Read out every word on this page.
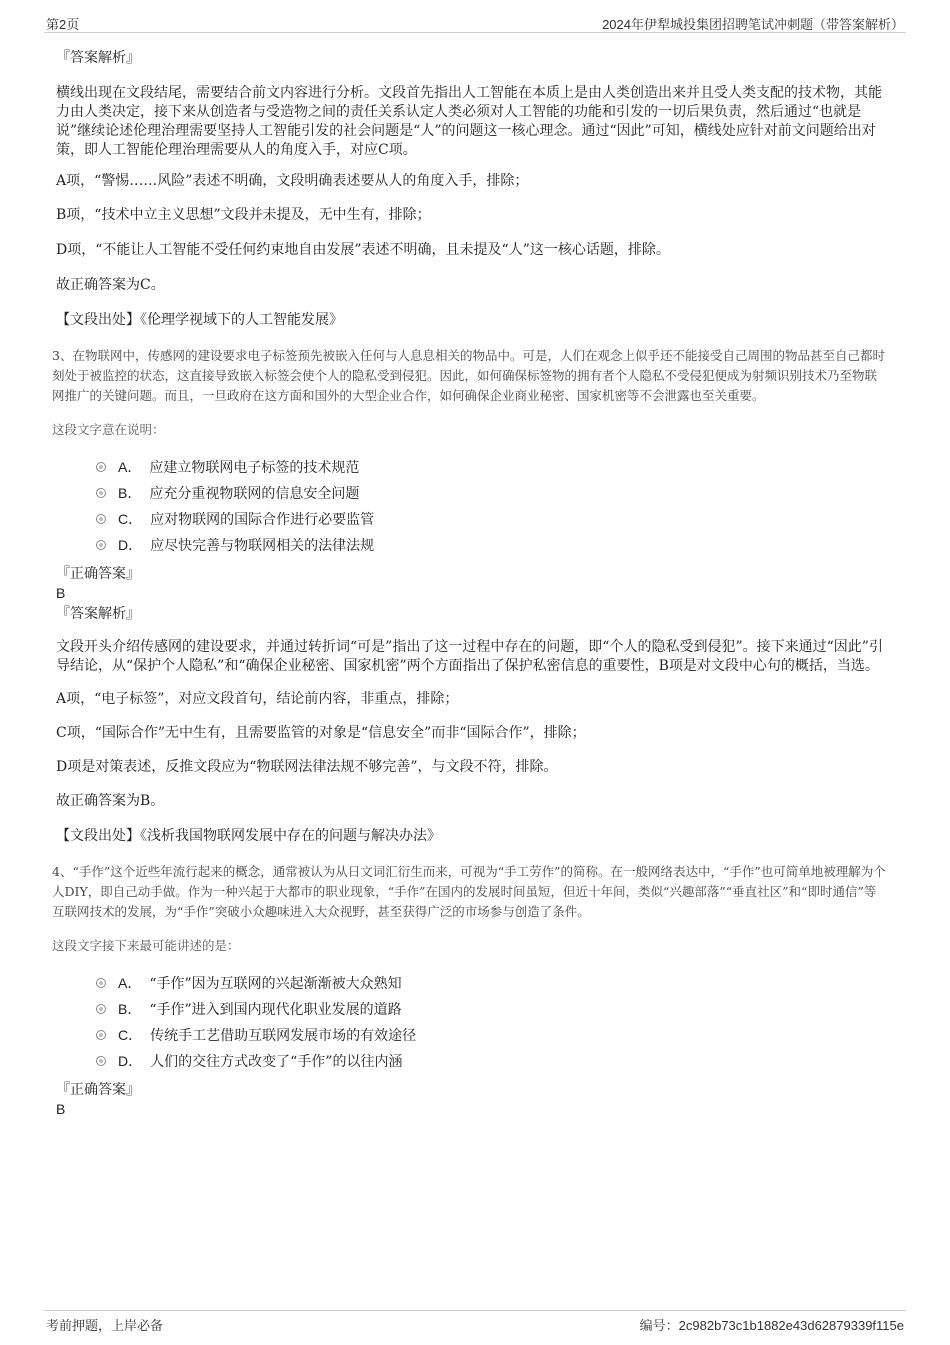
第2页	2024年伊犁城投集团招聘笔试冲刺题（带答案解析）
『答案解析』

横线出现在文段结尾，需要结合前文内容进行分析。文段首先指出人工智能在本质上是由人类创造出来并且受人类支配的技术物，其能力由人类决定，接下来从创造者与受造物之间的责任关系认定人类必须对人工智能的功能和引发的一切后果负责，然后通过“也就是说”继续论述伦理治理需要坚持人工智能引发的社会问题是“人”的问题这一核心理念。通过“因此”可知，横线处应针对前文问题给出对策，即人工智能伦理治理需要从人的角度入手，对应C项。

A项，“警惕……风险”表述不明确，文段明确表述要从人的角度入手，排除；

B项，“技术中立主义思想”文段并未提及，无中生有，排除；

D项，“不能让人工智能不受任何约束地自由发展”表述不明确，且未提及“人”这一核心话题，排除。

故正确答案为C。

【文段出处】《伦理学视域下的人工智能发展》

3、在物联网中，传感网的建设要求电子标签预先被嵌入任何与人息息相关的物品中。可是，人们在观念上似乎还不能接受自己周围的物品甚至自己都时刻处于被监控的状态，这直接导致嵌入标签会使个人的隐私受到侵犯。因此，如何确保标签物的拥有者个人隐私不受侵犯便成为射频识别技术乃至物联网推广的关键问题。而且，一旦政府在这方面和国外的大型企业合作，如何确保企业商业秘密、国家机密等不会泄露也至关重要。

这段文字意在说明：

A． 应建立物联网电子标签的技术规范
B． 应充分重视物联网的信息安全问题
C． 应对物联网的国际合作进行必要监管
D． 应尽快完善与物联网相关的法律法规
『正确答案』
B
『答案解析』

文段开头介绍传感网的建设要求，并通过转折词“可是”指出了这一过程中存在的问题，即“个人的隐私受到侵犯”。接下来通过“因此”引导结论，从“保护个人隐私”和“确保企业秘密、国家机密”两个方面指出了保护私密信息的重要性，B项是对文段中心句的概括，当选。

A项，“电子标签”，对应文段首句，结论前内容，非重点，排除；

C项，“国际合作”无中生有，且需要监管的对象是“信息安全”而非“国际合作”，排除；

D项是对策表述，反推文段应为“物联网法律法规不够完善”，与文段不符，排除。

故正确答案为B。

【文段出处】《浅析我国物联网发展中存在的问题与解决办法》

4、“手作”这个近些年流行起来的概念，通常被认为从日文词汇衍生而来，可视为“手工劳作”的简称。在一般网络表达中，“手作”也可简单地被理解为个人DIY，即自己动手做。作为一种兴起于大都市的职业现象，“手作”在国内的发展时间虽短，但近十年间，类似“兴趣部落”“垂直社区”和“即时通信”等互联网技术的发展，为“手作”突破小众趣味进入大众视野，甚至获得广泛的市场参与创造了条件。

这段文字接下来最可能讲述的是：

A． “手作”因为互联网的兴起渐渐被大众熟知
B． “手作”进入到国内现代化职业发展的道路
C． 传统手工艺借助互联网发展市场的有效途径
D． 人们的交往方式改变了“手作”的以往内涵
『正确答案』
B
考前押题，上岸必备	编号：2c982b73c1b1882e43d62879339f115e
